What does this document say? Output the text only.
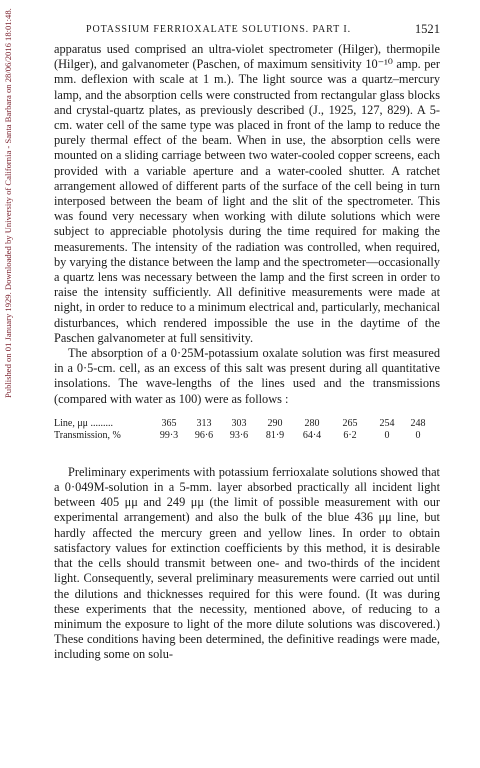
Published on 01 January 1929. Downloaded by University of California - Santa Barbara on 28/06/2016 18:01:48.	POTASSIUM FERRIOXALATE SOLUTIONS. PART I.	1521

apparatus used comprised an ultra-violet spectrometer (Hilger), thermopile (Hilger), and galvanometer (Paschen, of maximum sensitivity 10⁻¹⁰ amp. per mm. deflexion with scale at 1 m.). The light source was a quartz–mercury lamp, and the absorption cells were constructed from rectangular glass blocks and crystal-quartz plates, as previously described (J., 1925, 127, 829). A 5-cm. water cell of the same type was placed in front of the lamp to reduce the purely thermal effect of the beam. When in use, the absorption cells were mounted on a sliding carriage between two water-cooled copper screens, each provided with a variable aperture and a water-cooled shutter. A ratchet arrangement allowed of different parts of the surface of the cell being in turn interposed between the beam of light and the slit of the spectrometer. This was found very necessary when working with dilute solutions which were subject to appreciable photolysis during the time required for making the measurements. The intensity of the radiation was controlled, when required, by varying the distance between the lamp and the spectrometer—occasionally a quartz lens was necessary between the lamp and the first screen in order to raise the intensity sufficiently. All definitive measurements were made at night, in order to reduce to a minimum electrical and, particularly, mechanical disturbances, which rendered impossible the use in the daytime of the Paschen galvanometer at full sensitivity.

The absorption of a 0·25M-potassium oxalate solution was first measured in a 0·5-cm. cell, as an excess of this salt was present during all quantitative insolations. The wave-lengths of the lines used and the transmissions (compared with water as 100) were as follows :

Line, μμ .........	365	313	303	290	280	265	254	248
Transmission, %	99·3	96·6	93·6	81·9	64·4	6·2	0	0

Preliminary experiments with potassium ferrioxalate solutions showed that a 0·049M-solution in a 5-mm. layer absorbed practically all incident light between 405 μμ and 249 μμ (the limit of possible measurement with our experimental arrangement) and also the bulk of the blue 436 μμ line, but hardly affected the mercury green and yellow lines. In order to obtain satisfactory values for extinction coefficients by this method, it is desirable that the cells should transmit between one- and two-thirds of the incident light. Consequently, several preliminary measurements were carried out until the dilutions and thicknesses required for this were found. (It was during these experiments that the necessity, mentioned above, of reducing to a minimum the exposure to light of the more dilute solutions was discovered.) These conditions having been determined, the definitive readings were made, including some on solu-
